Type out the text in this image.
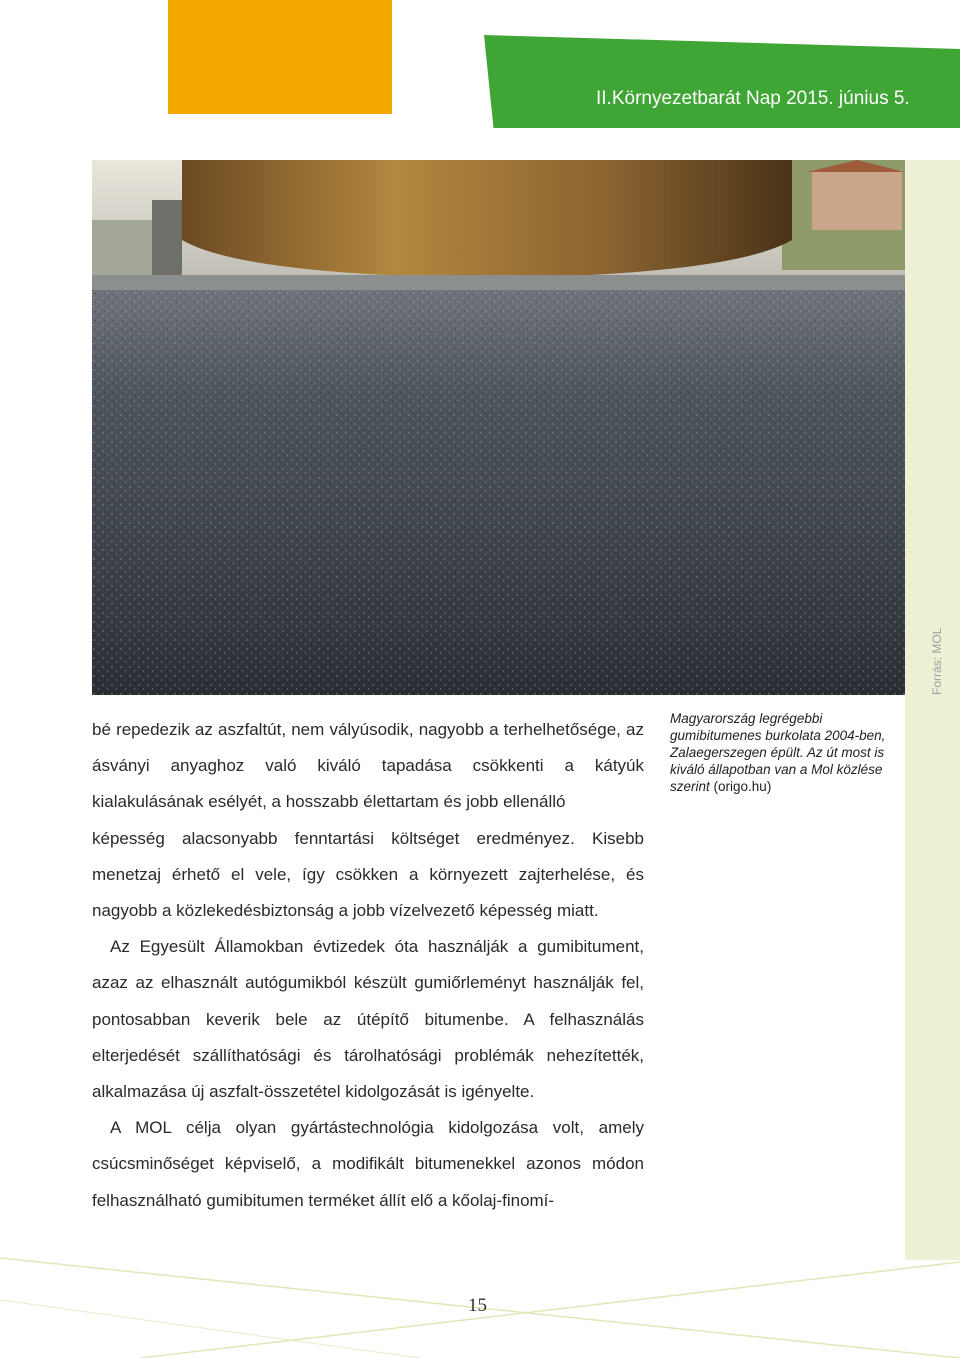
II.Környezetbarát Nap 2015. június 5.
Forrás: MOL
Magyarország legrégebbi gumibitumenes burkolata 2004-ben, Zalaegerszegen épült. Az út most is kiváló állapotban van a Mol közlése szerint (origo.hu)

bé repedezik az aszfaltút, nem vályúsodik, nagyobb a terhelhetősége, az ásványi anyaghoz való kiváló tapadása csökkenti a kátyúk kialakulásának esélyét, a hosszabb élettartam és jobb ellenálló

képesség alacsonyabb fenntartási költséget eredményez. Kisebb menetzaj érhető el vele, így csökken a környezett zajterhelése, és nagyobb a közlekedésbiztonság a jobb vízelvezető képesség miatt.

Az Egyesült Államokban évtizedek óta használják a gumibitument, azaz az elhasznált autógumikból készült gumiőrleményt használják fel, pontosabban keverik bele az útépítő bitumenbe. A felhasználás elterjedését szállíthatósági és tárolhatósági problémák nehezítették, alkalmazása új aszfalt-összetétel kidolgozását is igényelte.

A MOL célja olyan gyártástechnológia kidolgozása volt, amely csúcsminőséget képviselő, a modifikált bitumenekkel azonos módon felhasználható gumibitumen terméket állít elő a kőolaj-finomí-

15
